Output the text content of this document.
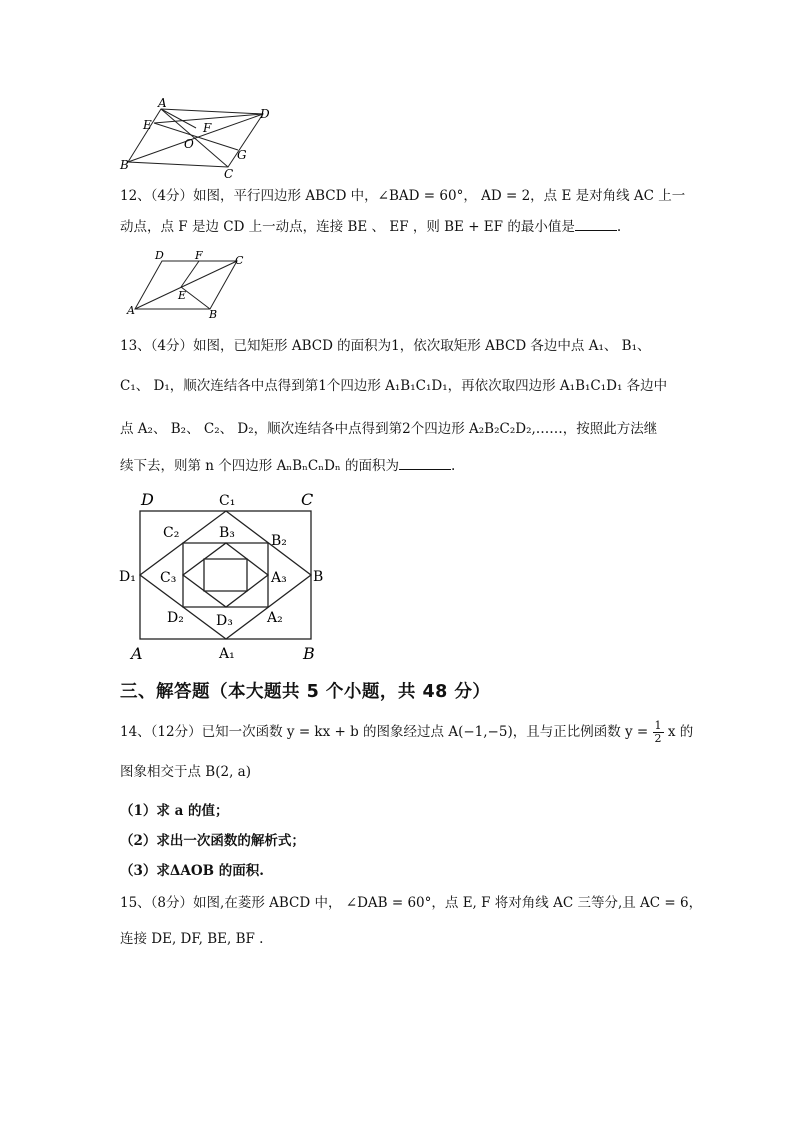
A
D
E	F
O
G
B
C
12、（4分）如图，平行四边形 ABCD 中，∠BAD = 60°， AD = 2，点 E 是对角线 AC 上一
动点，点 F 是边 CD 上一动点，连接 BE 、 EF ，则 BE + EF 的最小值是	.
D	F	C
A
E
B
13、（4分）如图，已知矩形 ABCD 的面积为1，依次取矩形 ABCD 各边中点 A₁、 B₁、
C₁、 D₁，顺次连结各中点得到第1个四边形 A₁B₁C₁D₁，再依次取四边形 A₁B₁C₁D₁ 各边中
点 A₂、 B₂、 C₂、 D₂，顺次连结各中点得到第2个四边形 A₂B₂C₂D₂,……，按照此方法继
续下去，则第 n 个四边形 AₙBₙCₙDₙ 的面积为	.
D	C
A	B
C₁
A₁
D₁	B
C₂	B₂
D₂	A₂
B₃
C₃	A₃
D₃
三、解答题（本大题共 5 个小题，共 48 分）
14、（12分）已知一次函数 y = kx + b 的图象经过点 A(−1,−5)，且与正比例函数 $y = \frac{1}{2}$ x 的
图象相交于点 B(2, a)
（1）求 a 的值；
（2）求出一次函数的解析式；
（3）求ΔAOB 的面积.
15、（8分）如图,在菱形 ABCD 中， ∠DAB = 60°，点 E, F 将对角线 AC 三等分,且 AC = 6，
连接 DE, DF, BE, BF .
